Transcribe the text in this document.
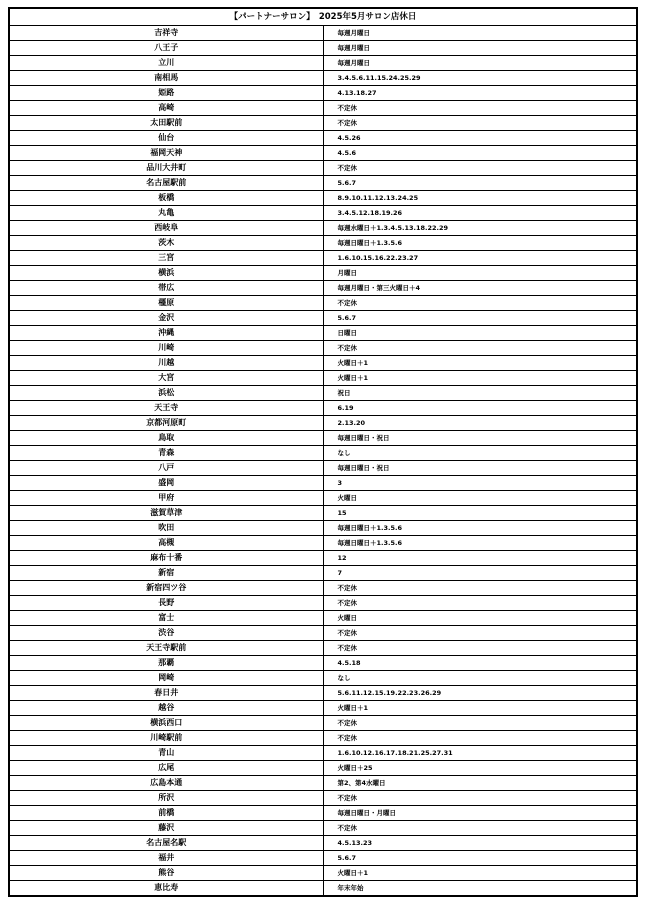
【パートナーサロン】　2025年5月サロン店休日	
吉祥寺	毎週月曜日
八王子	毎週月曜日
立川	毎週月曜日
南相馬	3.4.5.6.11.15.24.25.29
姫路	4.13.18.27
高崎	不定休
太田駅前	不定休
仙台	4.5.26
福岡天神	4.5.6
品川大井町	不定休
名古屋駅前	5.6.7
板橋	8.9.10.11.12.13.24.25
丸亀	3.4.5.12.18.19.26
西岐阜	毎週水曜日＋1.3.4.5.13.18.22.29
茨木	毎週日曜日＋1.3.5.6
三宮	1.6.10.15.16.22.23.27
横浜	月曜日
帯広	毎週月曜日・第三火曜日＋4
橿原	不定休
金沢	5.6.7
沖縄	日曜日
川崎	不定休
川越	火曜日＋1
大宮	火曜日＋1
浜松	祝日
天王寺	6.19
京都河原町	2.13.20
鳥取	毎週日曜日・祝日
青森	なし
八戸	毎週日曜日・祝日
盛岡	3
甲府	火曜日
滋賀草津	15
吹田	毎週日曜日＋1.3.5.6
高槻	毎週日曜日＋1.3.5.6
麻布十番	12
新宿	7
新宿四ツ谷	不定休
長野	不定休
富士	火曜日
渋谷	不定休
天王寺駅前	不定休
那覇	4.5.18
岡崎	なし
春日井	5.6.11.12.15.19.22.23.26.29
越谷	火曜日＋1
横浜西口	不定休
川崎駅前	不定休
青山	1.6.10.12.16.17.18.21.25.27.31
広尾	火曜日＋25
広島本通	第2、第4水曜日
所沢	不定休
前橋	毎週日曜日・月曜日
藤沢	不定休
名古屋名駅	4.5.13.23
福井	5.6.7
熊谷	火曜日＋1
恵比寿	年末年始
